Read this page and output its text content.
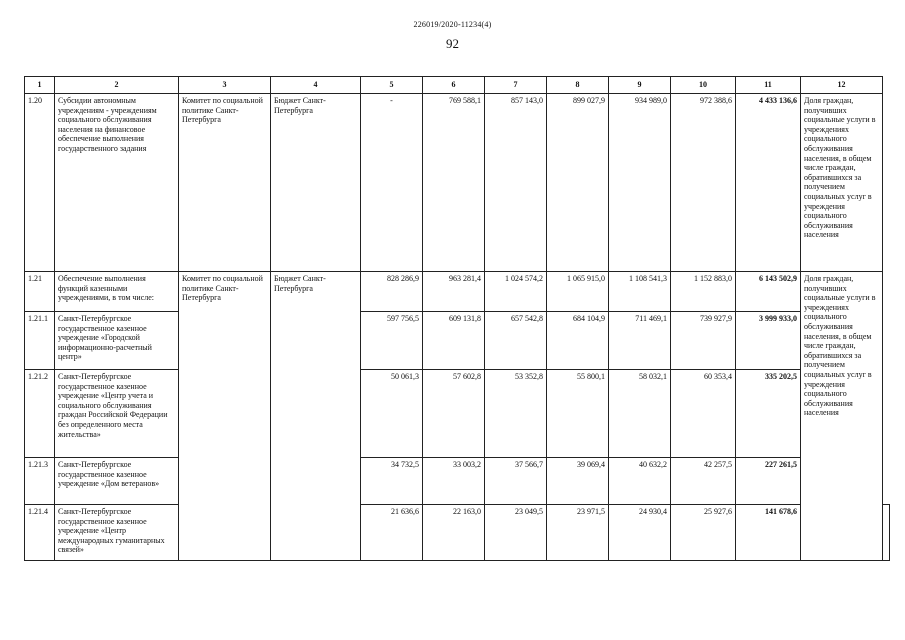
226019/2020-11234(4)
92
1	2	3	4	5	6	7	8	9	10	11	12	
1.20	Субсидии автономным учреждениям - учреждениям социального обслуживания населения на финансовое обеспечение выполнения государственного задания	Комитет по социальной политике Санкт-Петербурга	Бюджет Санкт-Петербурга	-	769 588,1	857 143,0	899 027,9	934 989,0	972 388,6	4 433 136,6	Доля граждан, получивших социальные услуги в учреждениях социального обслуживания населения, в общем числе граждан, обратившихся за получением социальных услуг в учреждения социального обслуживания населения	
1.21	Обеспечение выполнения функций казенными учреждениями, в том числе:	Комитет по социальной политике Санкт-Петербурга	Бюджет Санкт-Петербурга	828 286,9	963 281,4	1 024 574,2	1 065 915,0	1 108 541,3	1 152 883,0	6 143 502,9	Доля граждан, получивших социальные услуги в учреждениях социального обслуживания населения, в общем числе граждан, обратившихся за получением социальных услуг в учреждения социального обслуживания населения	
1.21.1	Санкт-Петербургское государственное казенное учреждение «Городской информационно-расчетный центр»			597 756,5	609 131,8	657 542,8	684 104,9	711 469,1	739 927,9	3 999 933,0		
1.21.2	Санкт-Петербургское государственное казенное учреждение «Центр учета и социального обслуживания граждан Российской Федерации без определенного места жительства»			50 061,3	57 602,8	53 352,8	55 800,1	58 032,1	60 353,4	335 202,5		
1.21.3	Санкт-Петербургское государственное казенное учреждение «Дом ветеранов»			34 732,5	33 003,2	37 566,7	39 069,4	40 632,2	42 257,5	227 261,5		
1.21.4	Санкт-Петербургское государственное казенное учреждение «Центр международных гуманитарных связей»			21 636,6	22 163,0	23 049,5	23 971,5	24 930,4	25 927,6	141 678,6		
